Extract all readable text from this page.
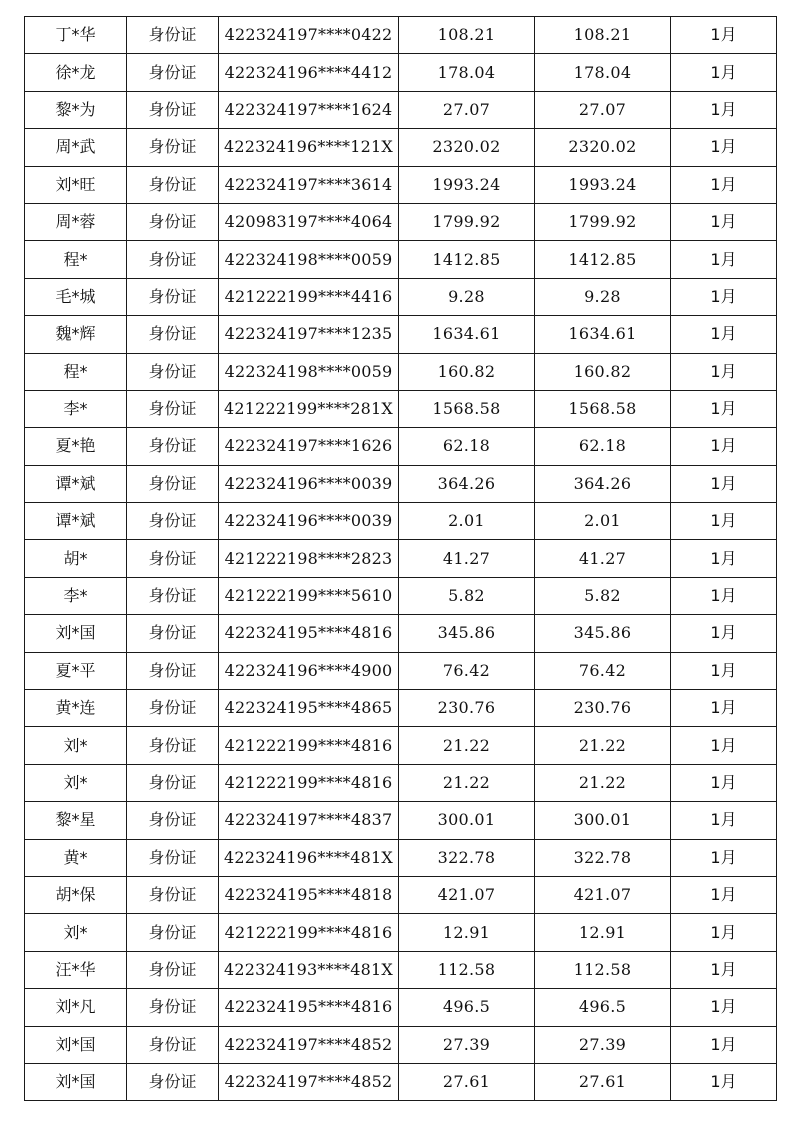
丁*华	身份证	422324197****0422	108.21	108.21	1月
徐*龙	身份证	422324196****4412	178.04	178.04	1月
黎*为	身份证	422324197****1624	27.07	27.07	1月
周*武	身份证	422324196****121X	2320.02	2320.02	1月
刘*旺	身份证	422324197****3614	1993.24	1993.24	1月
周*蓉	身份证	420983197****4064	1799.92	1799.92	1月
程*	身份证	422324198****0059	1412.85	1412.85	1月
毛*城	身份证	421222199****4416	9.28	9.28	1月
魏*辉	身份证	422324197****1235	1634.61	1634.61	1月
程*	身份证	422324198****0059	160.82	160.82	1月
李*	身份证	421222199****281X	1568.58	1568.58	1月
夏*艳	身份证	422324197****1626	62.18	62.18	1月
谭*斌	身份证	422324196****0039	364.26	364.26	1月
谭*斌	身份证	422324196****0039	2.01	2.01	1月
胡*	身份证	421222198****2823	41.27	41.27	1月
李*	身份证	421222199****5610	5.82	5.82	1月
刘*国	身份证	422324195****4816	345.86	345.86	1月
夏*平	身份证	422324196****4900	76.42	76.42	1月
黄*连	身份证	422324195****4865	230.76	230.76	1月
刘*	身份证	421222199****4816	21.22	21.22	1月
刘*	身份证	421222199****4816	21.22	21.22	1月
黎*星	身份证	422324197****4837	300.01	300.01	1月
黄*	身份证	422324196****481X	322.78	322.78	1月
胡*保	身份证	422324195****4818	421.07	421.07	1月
刘*	身份证	421222199****4816	12.91	12.91	1月
汪*华	身份证	422324193****481X	112.58	112.58	1月
刘*凡	身份证	422324195****4816	496.5	496.5	1月
刘*国	身份证	422324197****4852	27.39	27.39	1月
刘*国	身份证	422324197****4852	27.61	27.61	1月
